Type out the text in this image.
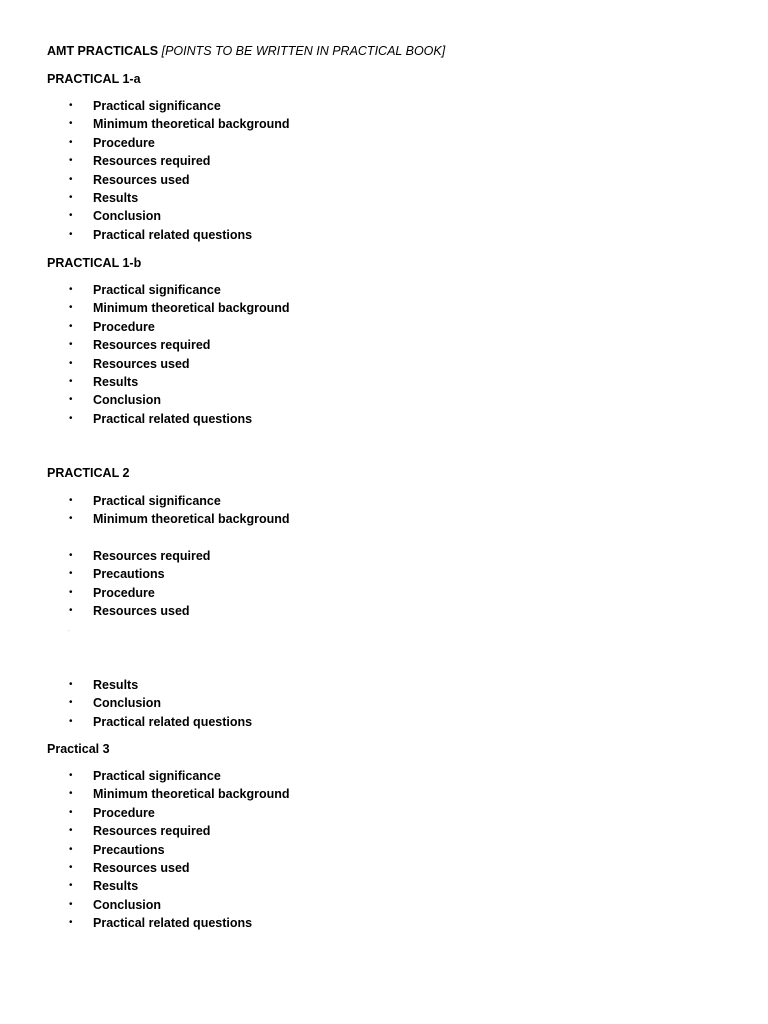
AMT PRACTICALS [POINTS TO BE WRITTEN IN PRACTICAL BOOK]
PRACTICAL 1-a
• Practical significance
• Minimum theoretical background
• Procedure
• Resources required
• Resources used
• Results
• Conclusion
• Practical related questions
PRACTICAL 1-b
• Practical significance
• Minimum theoretical background
• Procedure
• Resources required
• Resources used
• Results
• Conclusion
• Practical related questions
PRACTICAL 2
• Practical significance
• Minimum theoretical background
• Resources required
• Precautions
• Procedure
• Resources used
.
• Results
• Conclusion
• Practical related questions
Practical 3
• Practical significance
• Minimum theoretical background
• Procedure
• Resources required
• Precautions
• Resources used
• Results
• Conclusion
• Practical related questions
